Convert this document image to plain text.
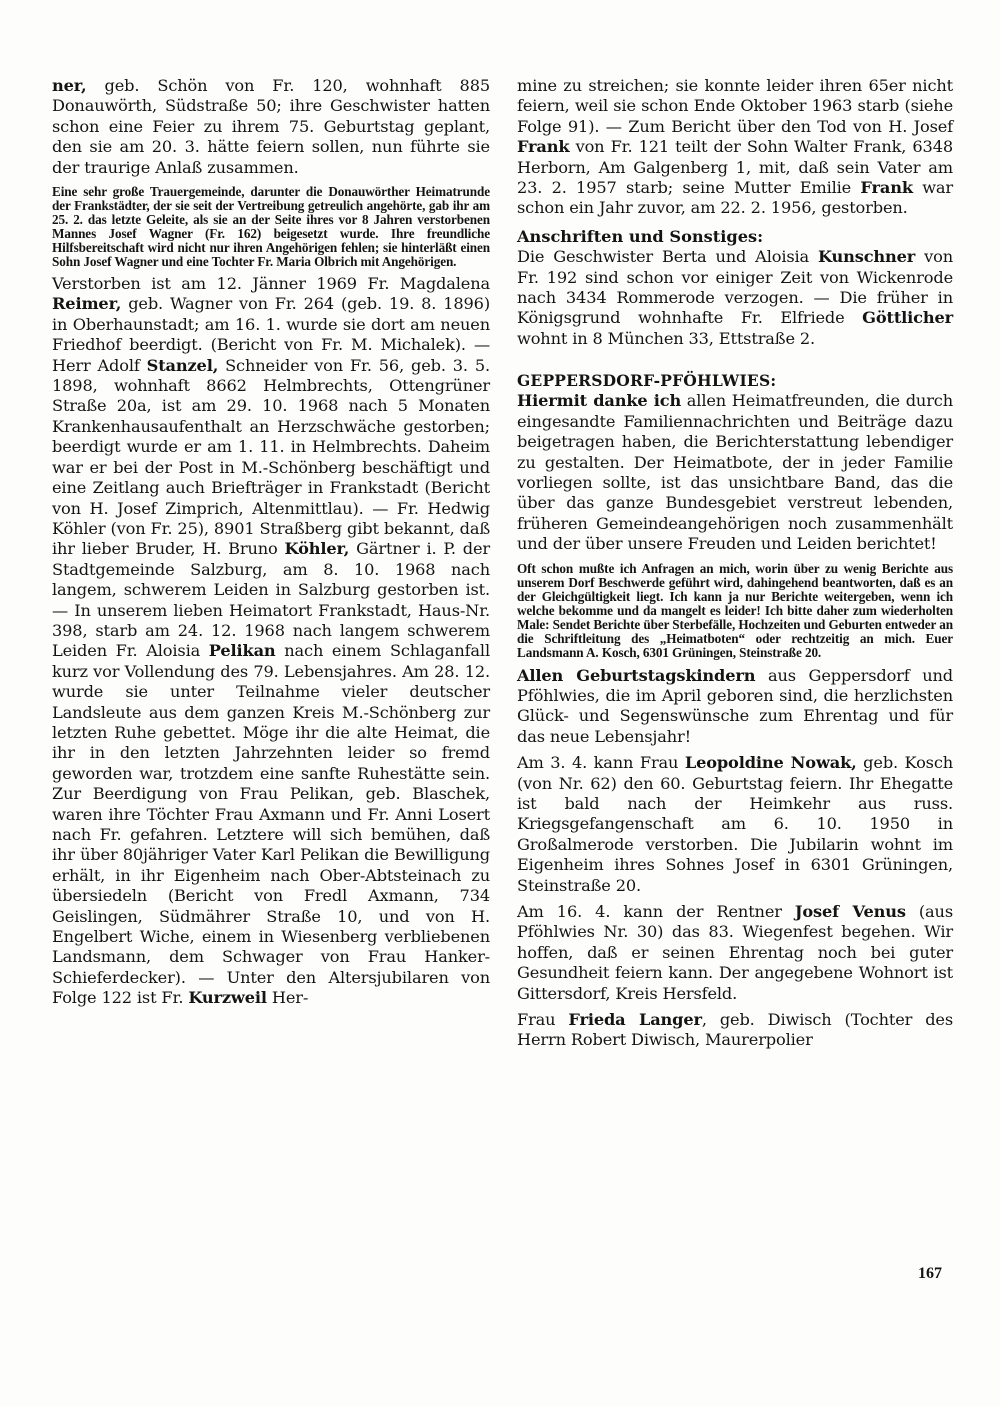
ner, geb. Schön von Fr. 120, wohnhaft 885 Donauwörth, Südstraße 50; ihre Geschwister hatten schon eine Feier zu ihrem 75. Geburtstag geplant, den sie am 20. 3. hätte feiern sollen, nun führte sie der traurige Anlaß zusammen.

Eine sehr große Trauergemeinde, darunter die Donauwörther Heimatrunde der Frankstädter, der sie seit der Vertreibung getreulich angehörte, gab ihr am 25. 2. das letzte Geleite, als sie an der Seite ihres vor 8 Jahren verstorbenen Mannes Josef Wagner (Fr. 162) beigesetzt wurde. Ihre freundliche Hilfsbereitschaft wird nicht nur ihren Angehörigen fehlen; sie hinterläßt einen Sohn Josef Wagner und eine Tochter Fr. Maria Olbrich mit Angehörigen.

Verstorben ist am 12. Jänner 1969 Fr. Magdalena Reimer, geb. Wagner von Fr. 264 (geb. 19. 8. 1896) in Oberhaunstadt; am 16. 1. wurde sie dort am neuen Friedhof beerdigt. (Bericht von Fr. M. Michalek). — Herr Adolf Stanzel, Schneider von Fr. 56, geb. 3. 5. 1898, wohnhaft 8662 Helmbrechts, Ottengrüner Straße 20a, ist am 29. 10. 1968 nach 5 Monaten Krankenhausaufenthalt an Herzschwäche gestorben; beerdigt wurde er am 1. 11. in Helmbrechts. Daheim war er bei der Post in M.-Schönberg beschäftigt und eine Zeitlang auch Briefträger in Frankstadt (Bericht von H. Josef Zimprich, Altenmittlau). — Fr. Hedwig Köhler (von Fr. 25), 8901 Straßberg gibt bekannt, daß ihr lieber Bruder, H. Bruno Köhler, Gärtner i. P. der Stadtgemeinde Salzburg, am 8. 10. 1968 nach langem, schwerem Leiden in Salzburg gestorben ist. — In unserem lieben Heimatort Frankstadt, Haus-Nr. 398, starb am 24. 12. 1968 nach langem schwerem Leiden Fr. Aloisia Pelikan nach einem Schlaganfall kurz vor Vollendung des 79. Lebensjahres. Am 28. 12. wurde sie unter Teilnahme vieler deutscher Landsleute aus dem ganzen Kreis M.-Schönberg zur letzten Ruhe gebettet. Möge ihr die alte Heimat, die ihr in den letzten Jahrzehnten leider so fremd geworden war, trotzdem eine sanfte Ruhestätte sein. Zur Beerdigung von Frau Pelikan, geb. Blaschek, waren ihre Töchter Frau Axmann und Fr. Anni Losert nach Fr. gefahren. Letztere will sich bemühen, daß ihr über 80jähriger Vater Karl Pelikan die Bewilligung erhält, in ihr Eigenheim nach Ober-Abtsteinach zu übersiedeln (Bericht von Fredl Axmann, 734 Geislingen, Südmährer Straße 10, und von H. Engelbert Wiche, einem in Wiesenberg verbliebenen Landsmann, dem Schwager von Frau Hanker-Schieferdecker). — Unter den Altersjubilaren von Folge 122 ist Fr. Kurzweil Her-

mine zu streichen; sie konnte leider ihren 65er nicht feiern, weil sie schon Ende Oktober 1963 starb (siehe Folge 91). — Zum Bericht über den Tod von H. Josef Frank von Fr. 121 teilt der Sohn Walter Frank, 6348 Herborn, Am Galgenberg 1, mit, daß sein Vater am 23. 2. 1957 starb; seine Mutter Emilie Frank war schon ein Jahr zuvor, am 22. 2. 1956, gestorben.

Anschriften und Sonstiges:

Die Geschwister Berta und Aloisia Kunschner von Fr. 192 sind schon vor einiger Zeit von Wickenrode nach 3434 Rommerode verzogen. — Die früher in Königsgrund wohnhafte Fr. Elfriede Göttlicher wohnt in 8 München 33, Ettstraße 2.

GEPPERSDORF-PFÖHLWIES:

Hiermit danke ich allen Heimatfreunden, die durch eingesandte Familiennachrichten und Beiträge dazu beigetragen haben, die Berichterstattung lebendiger zu gestalten. Der Heimatbote, der in jeder Familie vorliegen sollte, ist das unsichtbare Band, das die über das ganze Bundesgebiet verstreut lebenden, früheren Gemeindeangehörigen noch zusammenhält und der über unsere Freuden und Leiden berichtet!

Oft schon mußte ich Anfragen an mich, worin über zu wenig Berichte aus unserem Dorf Beschwerde geführt wird, dahingehend beantworten, daß es an der Gleichgültigkeit liegt. Ich kann ja nur Berichte weitergeben, wenn ich welche bekomme und da mangelt es leider! Ich bitte daher zum wiederholten Male: Sendet Berichte über Sterbefälle, Hochzeiten und Geburten entweder an die Schriftleitung des „Heimatboten“ oder rechtzeitig an mich. Euer Landsmann A. Kosch, 6301 Grüningen, Steinstraße 20.

Allen Geburtstagskindern aus Geppersdorf und Pföhlwies, die im April geboren sind, die herzlichsten Glück- und Segenswünsche zum Ehrentag und für das neue Lebensjahr!

Am 3. 4. kann Frau Leopoldine Nowak, geb. Kosch (von Nr. 62) den 60. Geburtstag feiern. Ihr Ehegatte ist bald nach der Heimkehr aus russ. Kriegsgefangenschaft am 6. 10. 1950 in Großalmerode verstorben. Die Jubilarin wohnt im Eigenheim ihres Sohnes Josef in 6301 Grüningen, Steinstraße 20.

Am 16. 4. kann der Rentner Josef Venus (aus Pföhlwies Nr. 30) das 83. Wiegenfest begehen. Wir hoffen, daß er seinen Ehrentag noch bei guter Gesundheit feiern kann. Der angegebene Wohnort ist Gittersdorf, Kreis Hersfeld.

Frau Frieda Langer, geb. Diwisch (Tochter des Herrn Robert Diwisch, Maurerpolier

167
